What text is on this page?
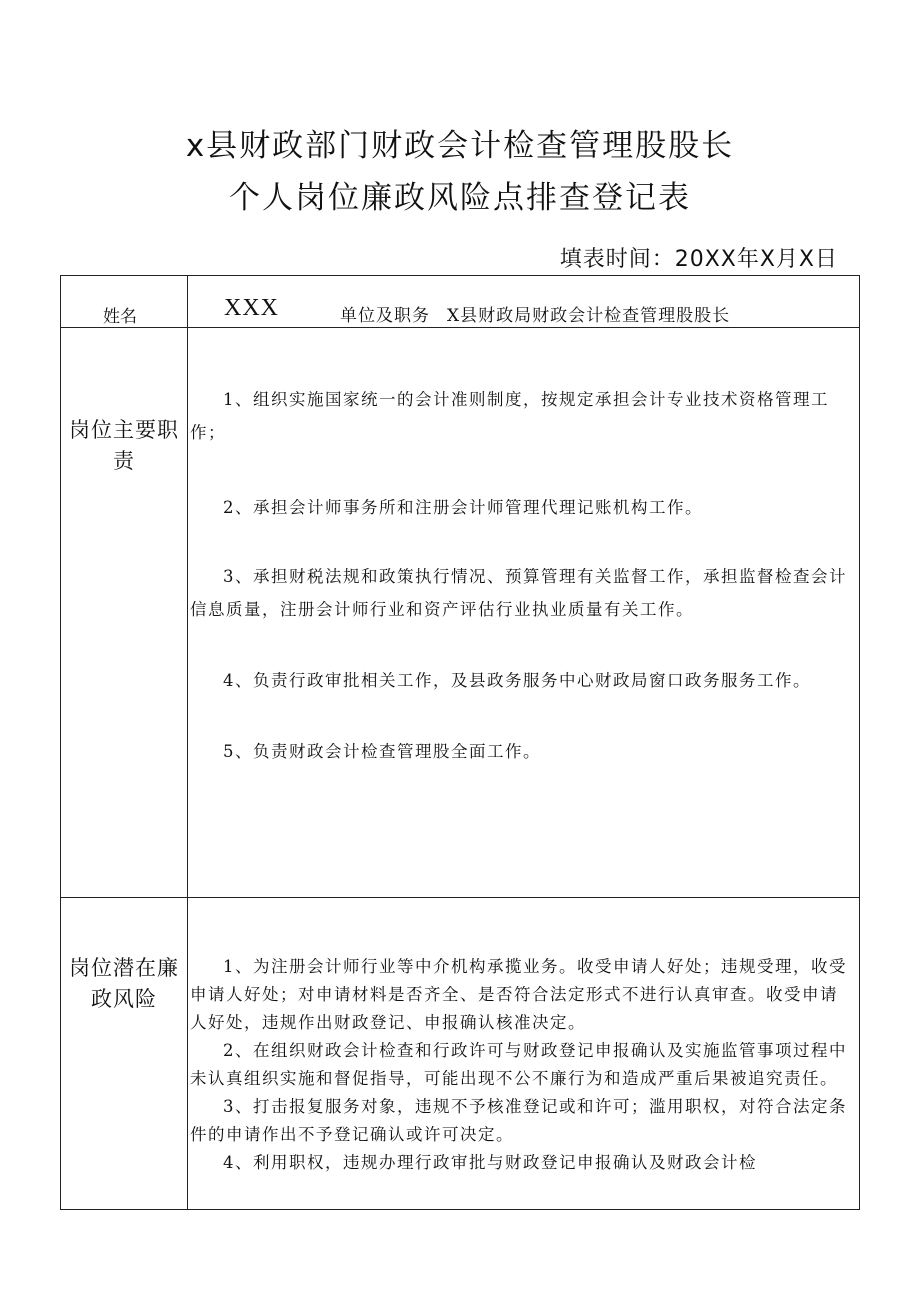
x县财政部门财政会计检查管理股股长
个人岗位廉政风险点排查登记表
填表时间：20XX年X月X日
姓名	XXX 单位及职务 X县财政局财政会计检查管理股股长

岗位主要职责	1、组织实施国家统一的会计准则制度，按规定承担会计专业技术资格管理工作；
2、承担会计师事务所和注册会计师管理代理记账机构工作。
3、承担财税法规和政策执行情况、预算管理有关监督工作，承担监督检查会计信息质量，注册会计师行业和资产评估行业执业质量有关工作。
4、负责行政审批相关工作，及县政务服务中心财政局窗口政务服务工作。
5、负责财政会计检查管理股全面工作。

岗位潜在廉政风险	1、为注册会计师行业等中介机构承揽业务。收受申请人好处；违规受理，收受申请人好处；对申请材料是否齐全、是否符合法定形式不进行认真审查。收受申请人好处，违规作出财政登记、申报确认核准决定。
2、在组织财政会计检查和行政许可与财政登记申报确认及实施监管事项过程中未认真组织实施和督促指导，可能出现不公不廉行为和造成严重后果被追究责任。
3、打击报复服务对象，违规不予核准登记或和许可；滥用职权，对符合法定条件的申请作出不予登记确认或许可决定。
4、利用职权，违规办理行政审批与财政登记申报确认及财政会计检
